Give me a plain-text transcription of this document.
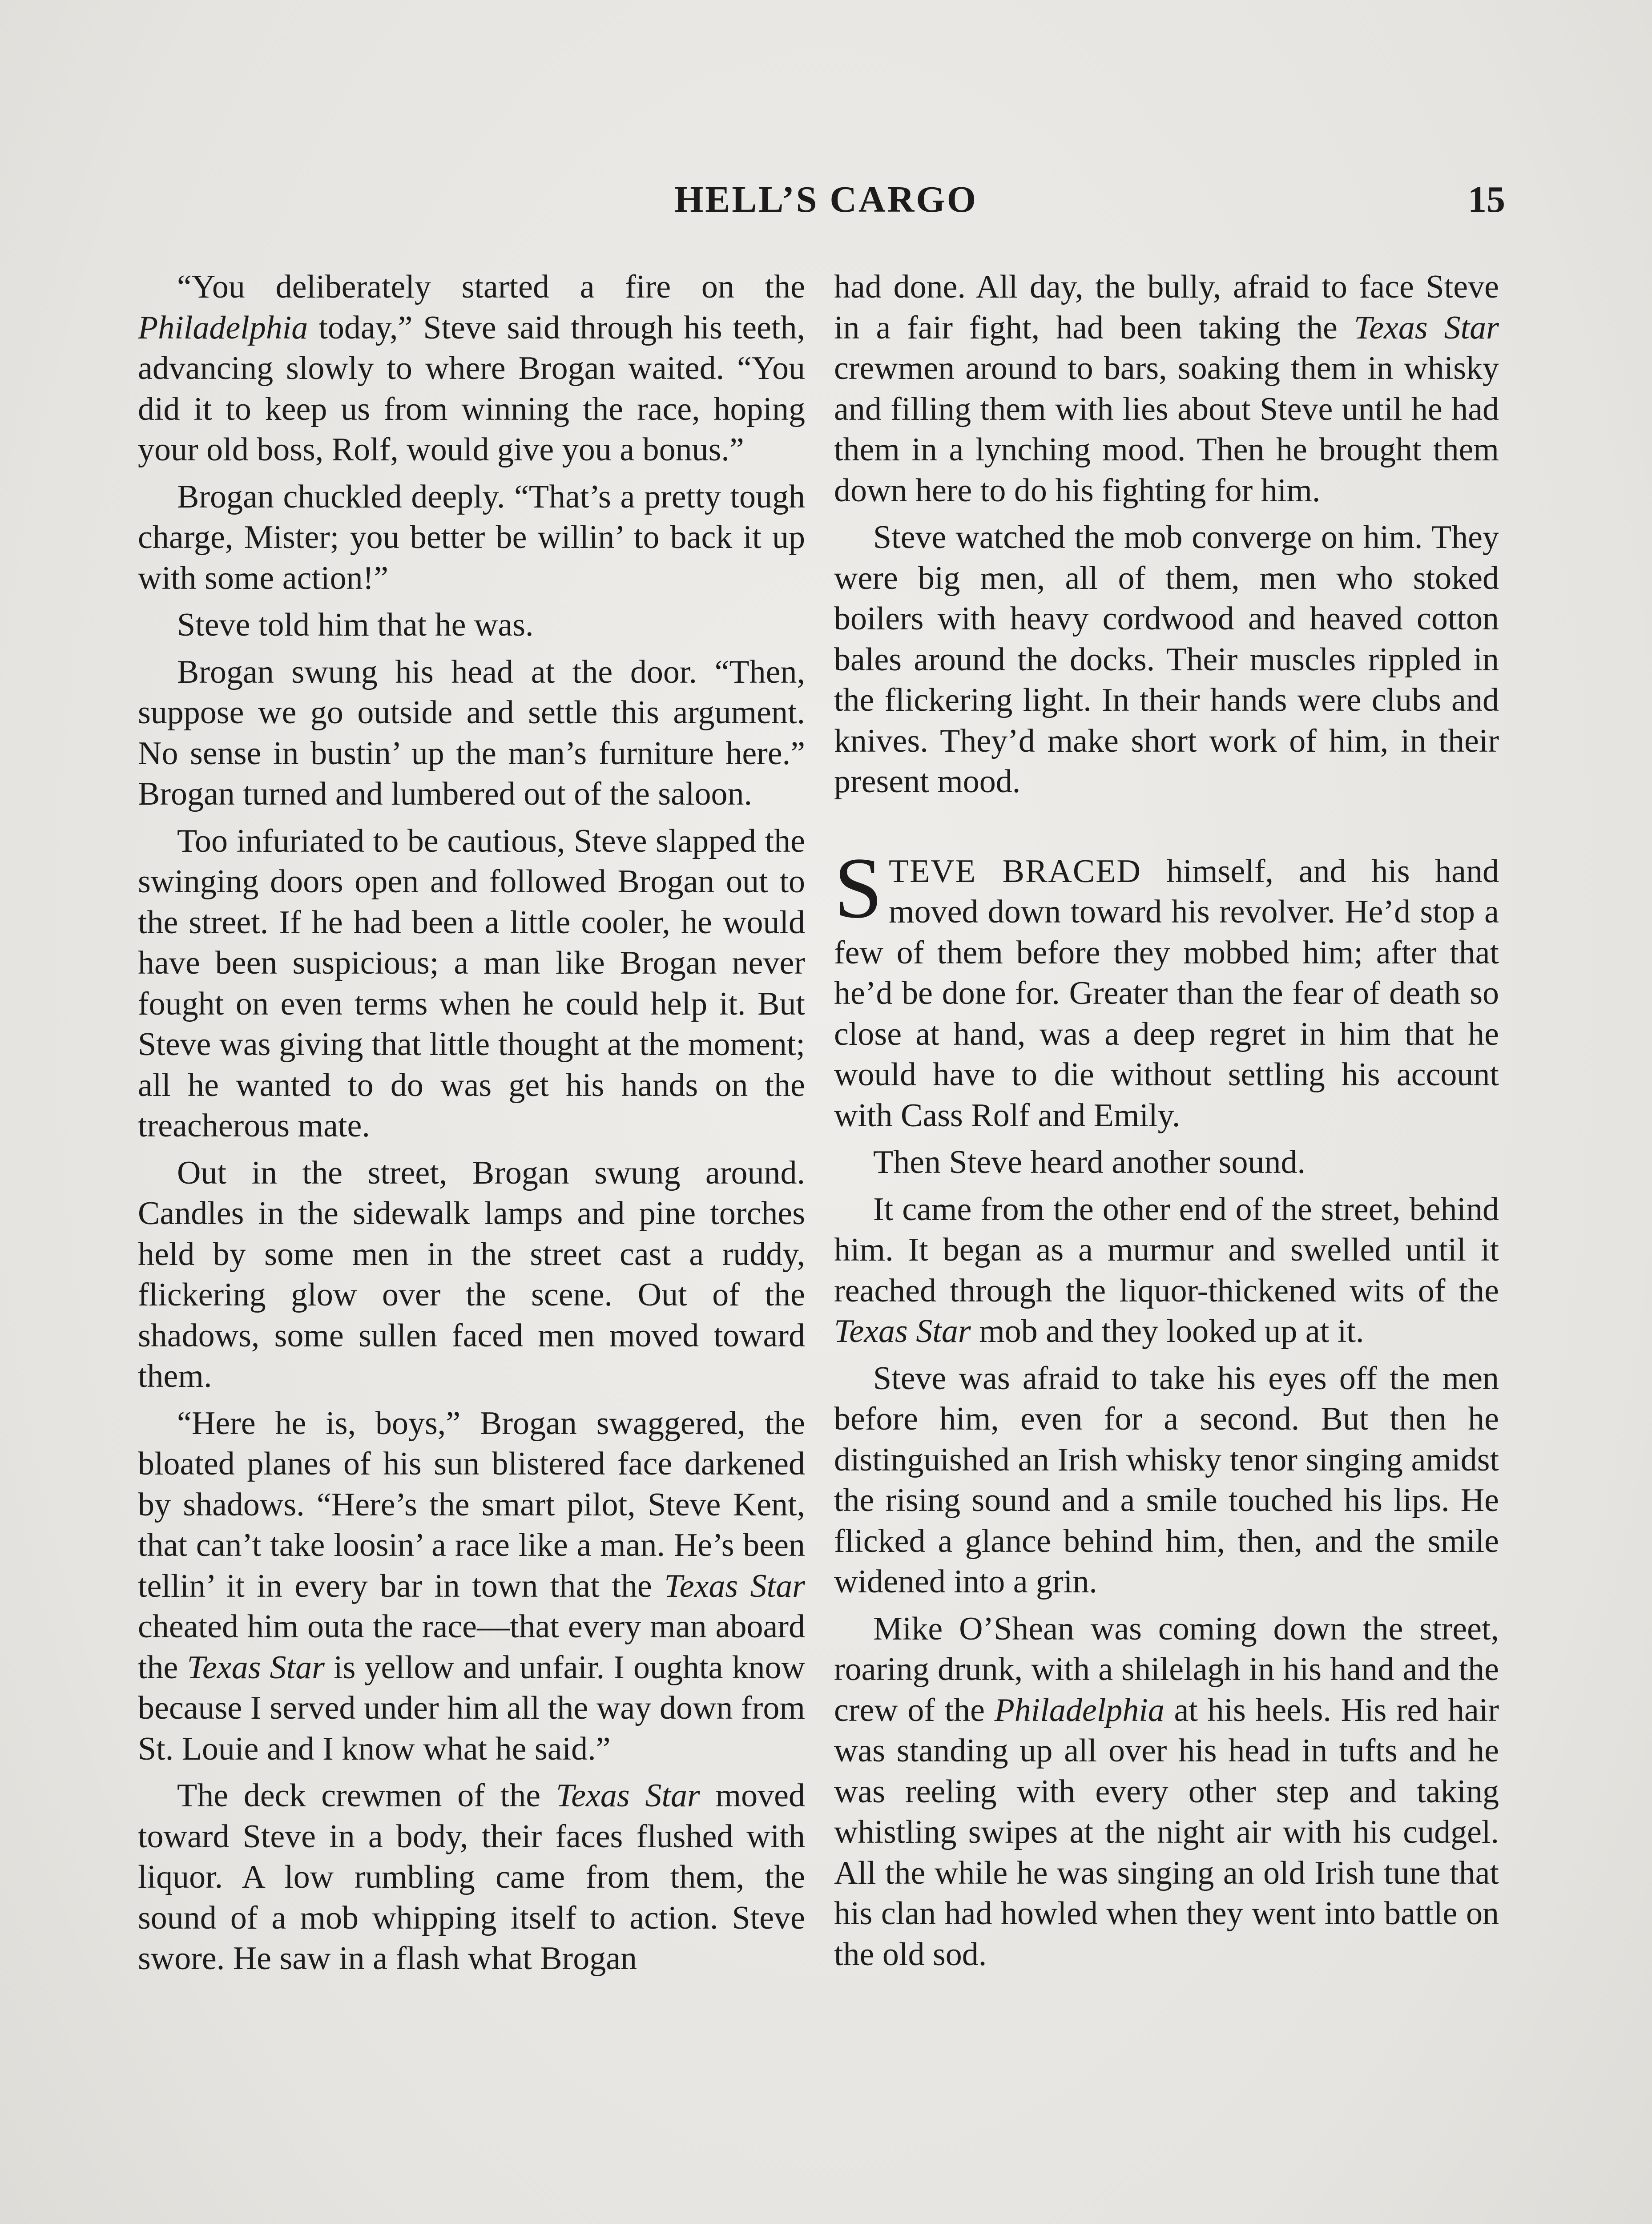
HELL’S CARGO	15

“You deliberately started a fire on the Philadelphia today,” Steve said through his teeth, advancing slowly to where Brogan waited. “You did it to keep us from winning the race, hoping your old boss, Rolf, would give you a bonus.”

Brogan chuckled deeply. “That’s a pretty tough charge, Mister; you better be willin’ to back it up with some action!”

Steve told him that he was.

Brogan swung his head at the door. “Then, suppose we go outside and settle this argument. No sense in bustin’ up the man’s furniture here.” Brogan turned and lumbered out of the saloon.

Too infuriated to be cautious, Steve slapped the swinging doors open and followed Brogan out to the street. If he had been a little cooler, he would have been suspicious; a man like Brogan never fought on even terms when he could help it. But Steve was giving that little thought at the moment; all he wanted to do was get his hands on the treacherous mate.

Out in the street, Brogan swung around. Candles in the sidewalk lamps and pine torches held by some men in the street cast a ruddy, flickering glow over the scene. Out of the shadows, some sullen faced men moved toward them.

“Here he is, boys,” Brogan swaggered, the bloated planes of his sun blistered face darkened by shadows. “Here’s the smart pilot, Steve Kent, that can’t take loosin’ a race like a man. He’s been tellin’ it in every bar in town that the Texas Star cheated him outa the race—that every man aboard the Texas Star is yellow and unfair. I oughta know because I served under him all the way down from St. Louie and I know what he said.”

The deck crewmen of the Texas Star moved toward Steve in a body, their faces flushed with liquor. A low rumbling came from them, the sound of a mob whipping itself to action. Steve swore. He saw in a flash what Brogan

had done. All day, the bully, afraid to face Steve in a fair fight, had been taking the Texas Star crewmen around to bars, soaking them in whisky and filling them with lies about Steve until he had them in a lynching mood. Then he brought them down here to do his fighting for him.

Steve watched the mob converge on him. They were big men, all of them, men who stoked boilers with heavy cordwood and heaved cotton bales around the docks. Their muscles rippled in the flickering light. In their hands were clubs and knives. They’d make short work of him, in their present mood.

STEVE BRACED himself, and his hand moved down toward his revolver. He’d stop a few of them before they mobbed him; after that he’d be done for. Greater than the fear of death so close at hand, was a deep regret in him that he would have to die without settling his account with Cass Rolf and Emily.

Then Steve heard another sound.

It came from the other end of the street, behind him. It began as a murmur and swelled until it reached through the liquor-thickened wits of the Texas Star mob and they looked up at it.

Steve was afraid to take his eyes off the men before him, even for a second. But then he distinguished an Irish whisky tenor singing amidst the rising sound and a smile touched his lips. He flicked a glance behind him, then, and the smile widened into a grin.

Mike O’Shean was coming down the street, roaring drunk, with a shilelagh in his hand and the crew of the Philadelphia at his heels. His red hair was standing up all over his head in tufts and he was reeling with every other step and taking whistling swipes at the night air with his cudgel. All the while he was singing an old Irish tune that his clan had howled when they went into battle on the old sod.
